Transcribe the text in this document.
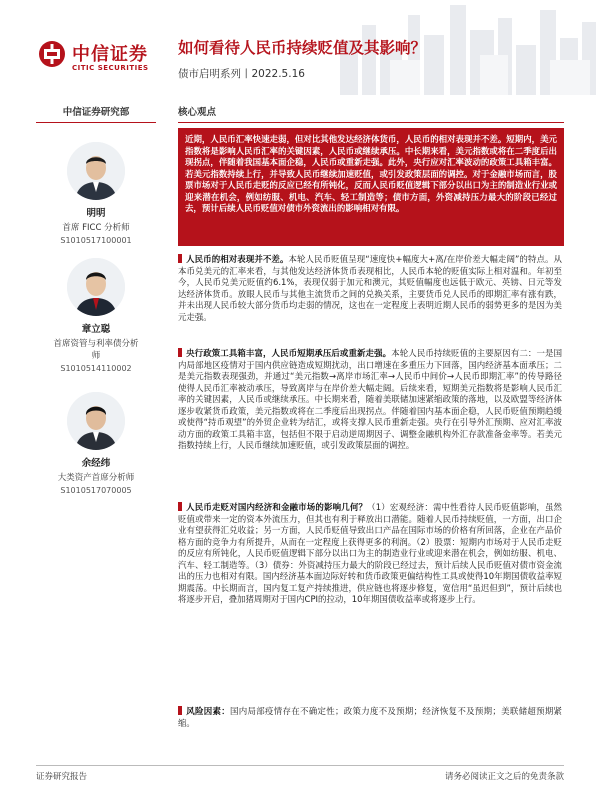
中信证券
CITIC SECURITIES
如何看待人民币持续贬值及其影响？
债市启明系列丨2022.5.16
中信证券研究部
明明
首席 FICC 分析师
S1010517100001
章立聪
首席资管与利率债分析师
S1010514110002
余经纬
大类资产首席分析师
S1010517070005
核心观点
近期，人民币汇率快速走弱，但对比其他发达经济体货币，人民币的相对表现并不差。短期内，美元指数将是影响人民币汇率的关键因素，人民币或继续承压。中长期来看，美元指数或将在二季度后出现拐点，伴随着我国基本面企稳，人民币或重新走强。此外，央行应对汇率波动的政策工具箱丰富。若美元指数持续上行，并导致人民币继续加速贬值，或引发政策层面的调控。对于金融市场而言，股票市场对于人民币走贬的反应已经有所钝化，反而人民币贬值逻辑下部分以出口为主的制造业行业或迎来潜在机会，例如纺服、机电、汽车、轻工制造等；债市方面，外资减持压力最大的阶段已经过去，预计后续人民币贬值对债市外资流出的影响相对有限。
人民币的相对表现并不差。本轮人民币贬值呈现“速度快+幅度大+离/在岸价差大幅走阔”的特点。从本币兑美元的汇率来看，与其他发达经济体货币表现相比，人民币本轮的贬值实际上相对温和。年初至今，人民币兑美元贬值约6.1%，表现仅弱于加元和澳元，其贬值幅度也远低于欧元、英镑、日元等发达经济体货币。放眼人民币与其他主流货币之间的兑换关系，主要货币兑人民币的即期汇率有涨有跌，并未出现人民币较大部分货币均走弱的情况，这也在一定程度上表明近期人民币的弱势更多的是因为美元走强。
央行政策工具箱丰富，人民币短期承压后或重新走强。本轮人民币持续贬值的主要原因有二：一是国内局部地区疫情对于国内供应链造成短期扰动，出口增速在多重压力下回落，国内经济基本面承压；二是美元指数表现强劲，并通过“美元指数→离岸市场汇率→人民币中间价→人民币即期汇率”的传导路径使得人民币汇率被动承压，导致离岸与在岸价差大幅走阔。后续来看，短期美元指数将是影响人民币汇率的关键因素，人民币或继续承压。中长期来看，随着美联储加速紧缩政策的落地，以及欧盟等经济体逐步收紧货币政策，美元指数或将在二季度后出现拐点。伴随着国内基本面企稳，人民币贬值预期趋缓或使得“持币观望”的外贸企业转为结汇，或将支撑人民币重新走强。央行在引导外汇预期、应对汇率波动方面的政策工具箱丰富，包括但不限于启动逆周期因子、调整金融机构外汇存款准备金率等。若美元指数持续上行，人民币继续加速贬值，或引发政策层面的调控。
人民币走贬对国内经济和金融市场的影响几何？（1）宏观经济：需中性看待人民币贬值影响，虽然贬值或带来一定的资本外流压力，但其也有利于释放出口潜能。随着人民币持续贬值，一方面，出口企业有望获得汇兑收益；另一方面，人民币贬值导致出口产品在国际市场的价格有所回落，企业在产品价格方面的竞争力有所提升，从而在一定程度上获得更多的利润。（2）股票：短期内市场对于人民币走贬的反应有所钝化，人民币贬值逻辑下部分以出口为主的制造业行业或迎来潜在机会，例如纺服、机电、汽车、轻工制造等。（3）债券：外资减持压力最大的阶段已经过去，预计后续人民币贬值对债市资金流出的压力也相对有限。国内经济基本面边际好转和货币政策更偏结构性工具或使得10年期国债收益率短期震荡。中长期而言，国内复工复产持续推进，供应链也将逐步修复，宽信用“虽迟但到”，预计后续也将逐步开启，叠加猪周期对于国内CPI的拉动，10年期国债收益率或将逐步上行。
风险因素：国内局部疫情存在不确定性；政策力度不及预期；经济恢复不及预期；美联储超预期紧缩。
证券研究报告	请务必阅读正文之后的免责条款
